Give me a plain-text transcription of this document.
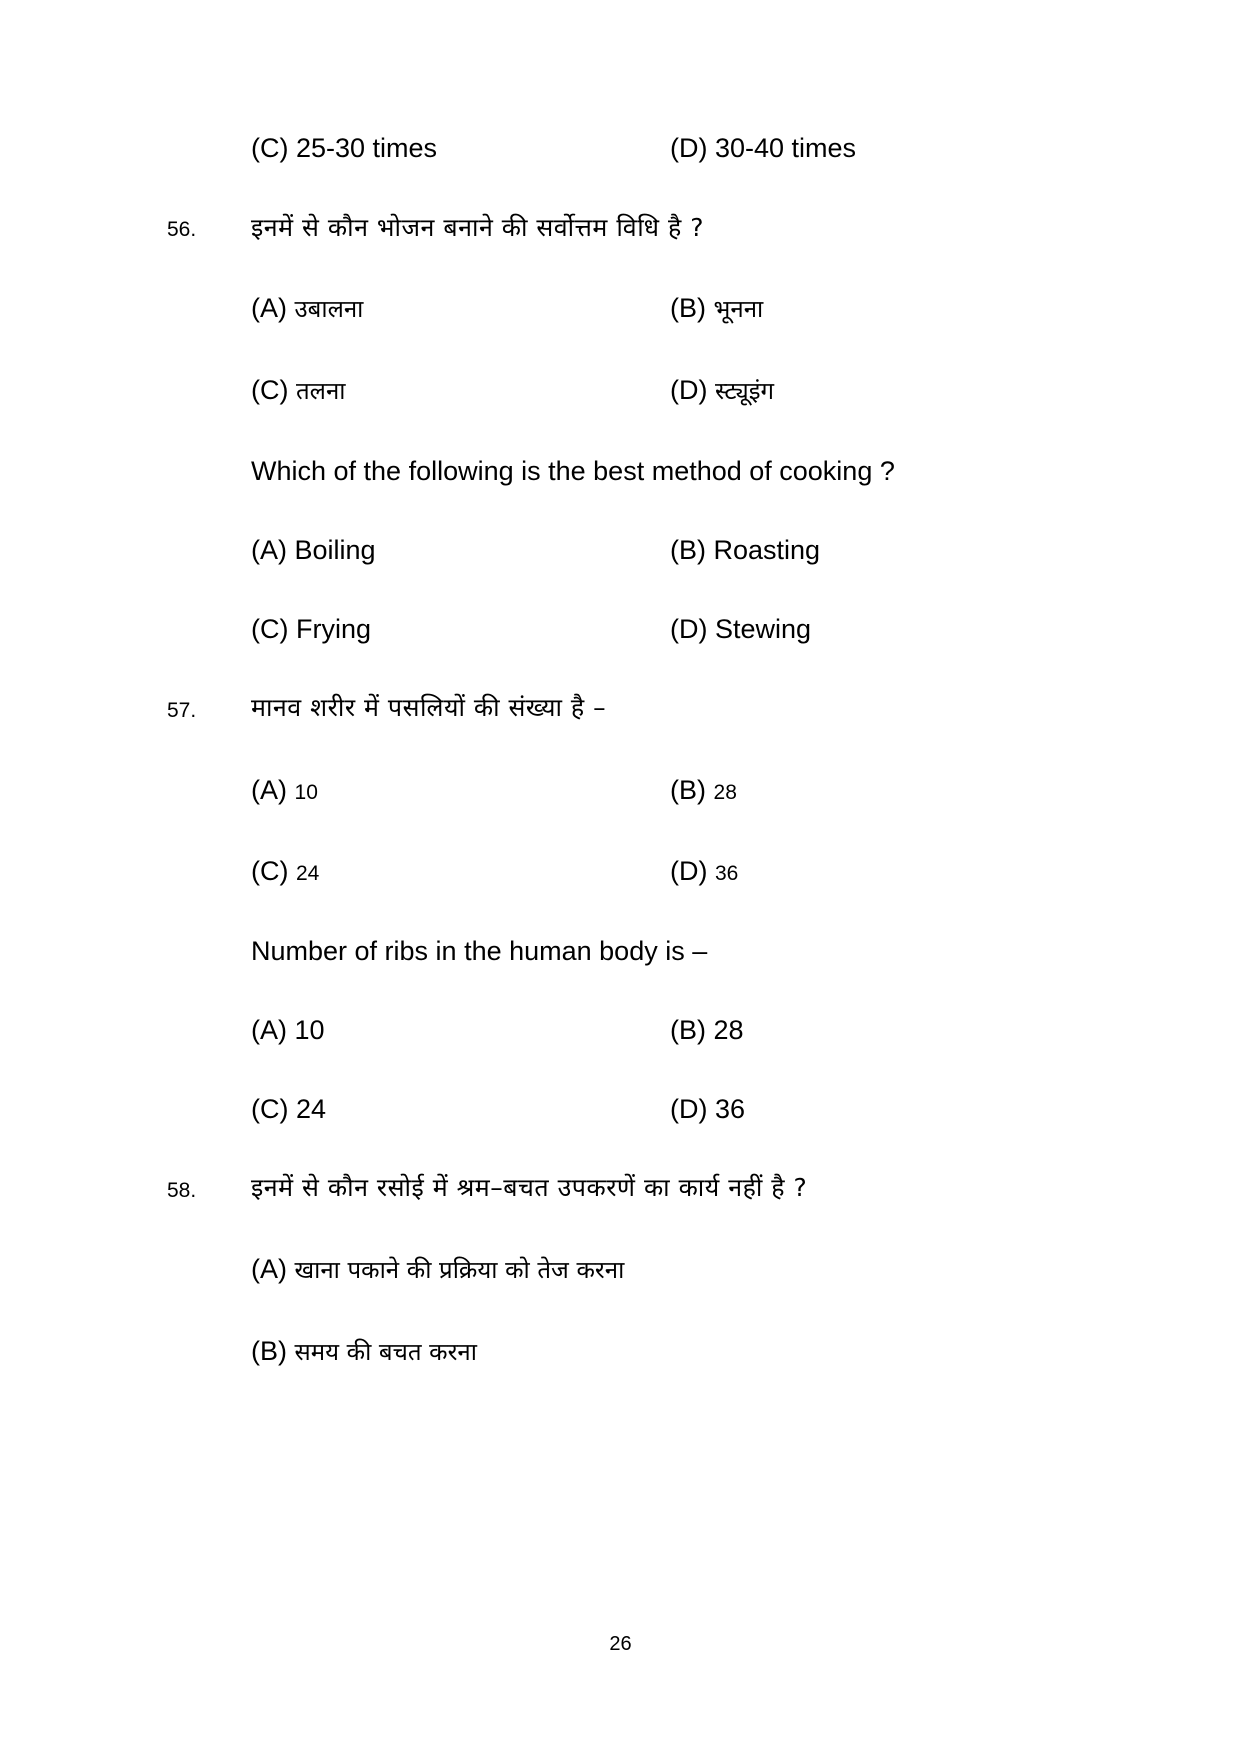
(C) 25-30 times	(D) 30-40 times
56. इनमें से कौन भोजन बनाने की सर्वोत्तम विधि है ?
(A) उबालना	(B) भूनना
(C) तलना	(D) स्ट्यूइंग
Which of the following is the best method of cooking ?
(A) Boiling	(B) Roasting
(C) Frying	(D) Stewing
57. मानव शरीर में पसलियों की संख्या है –
(A) 10	(B) 28
(C) 24	(D) 36
Number of ribs in the human body is –
(A) 10	(B) 28
(C) 24	(D) 36
58. इनमें से कौन रसोई में श्रम–बचत उपकरणें का कार्य नहीं है ?
(A) खाना पकाने की प्रक्रिया को तेज करना
(B) समय की बचत करना
26
